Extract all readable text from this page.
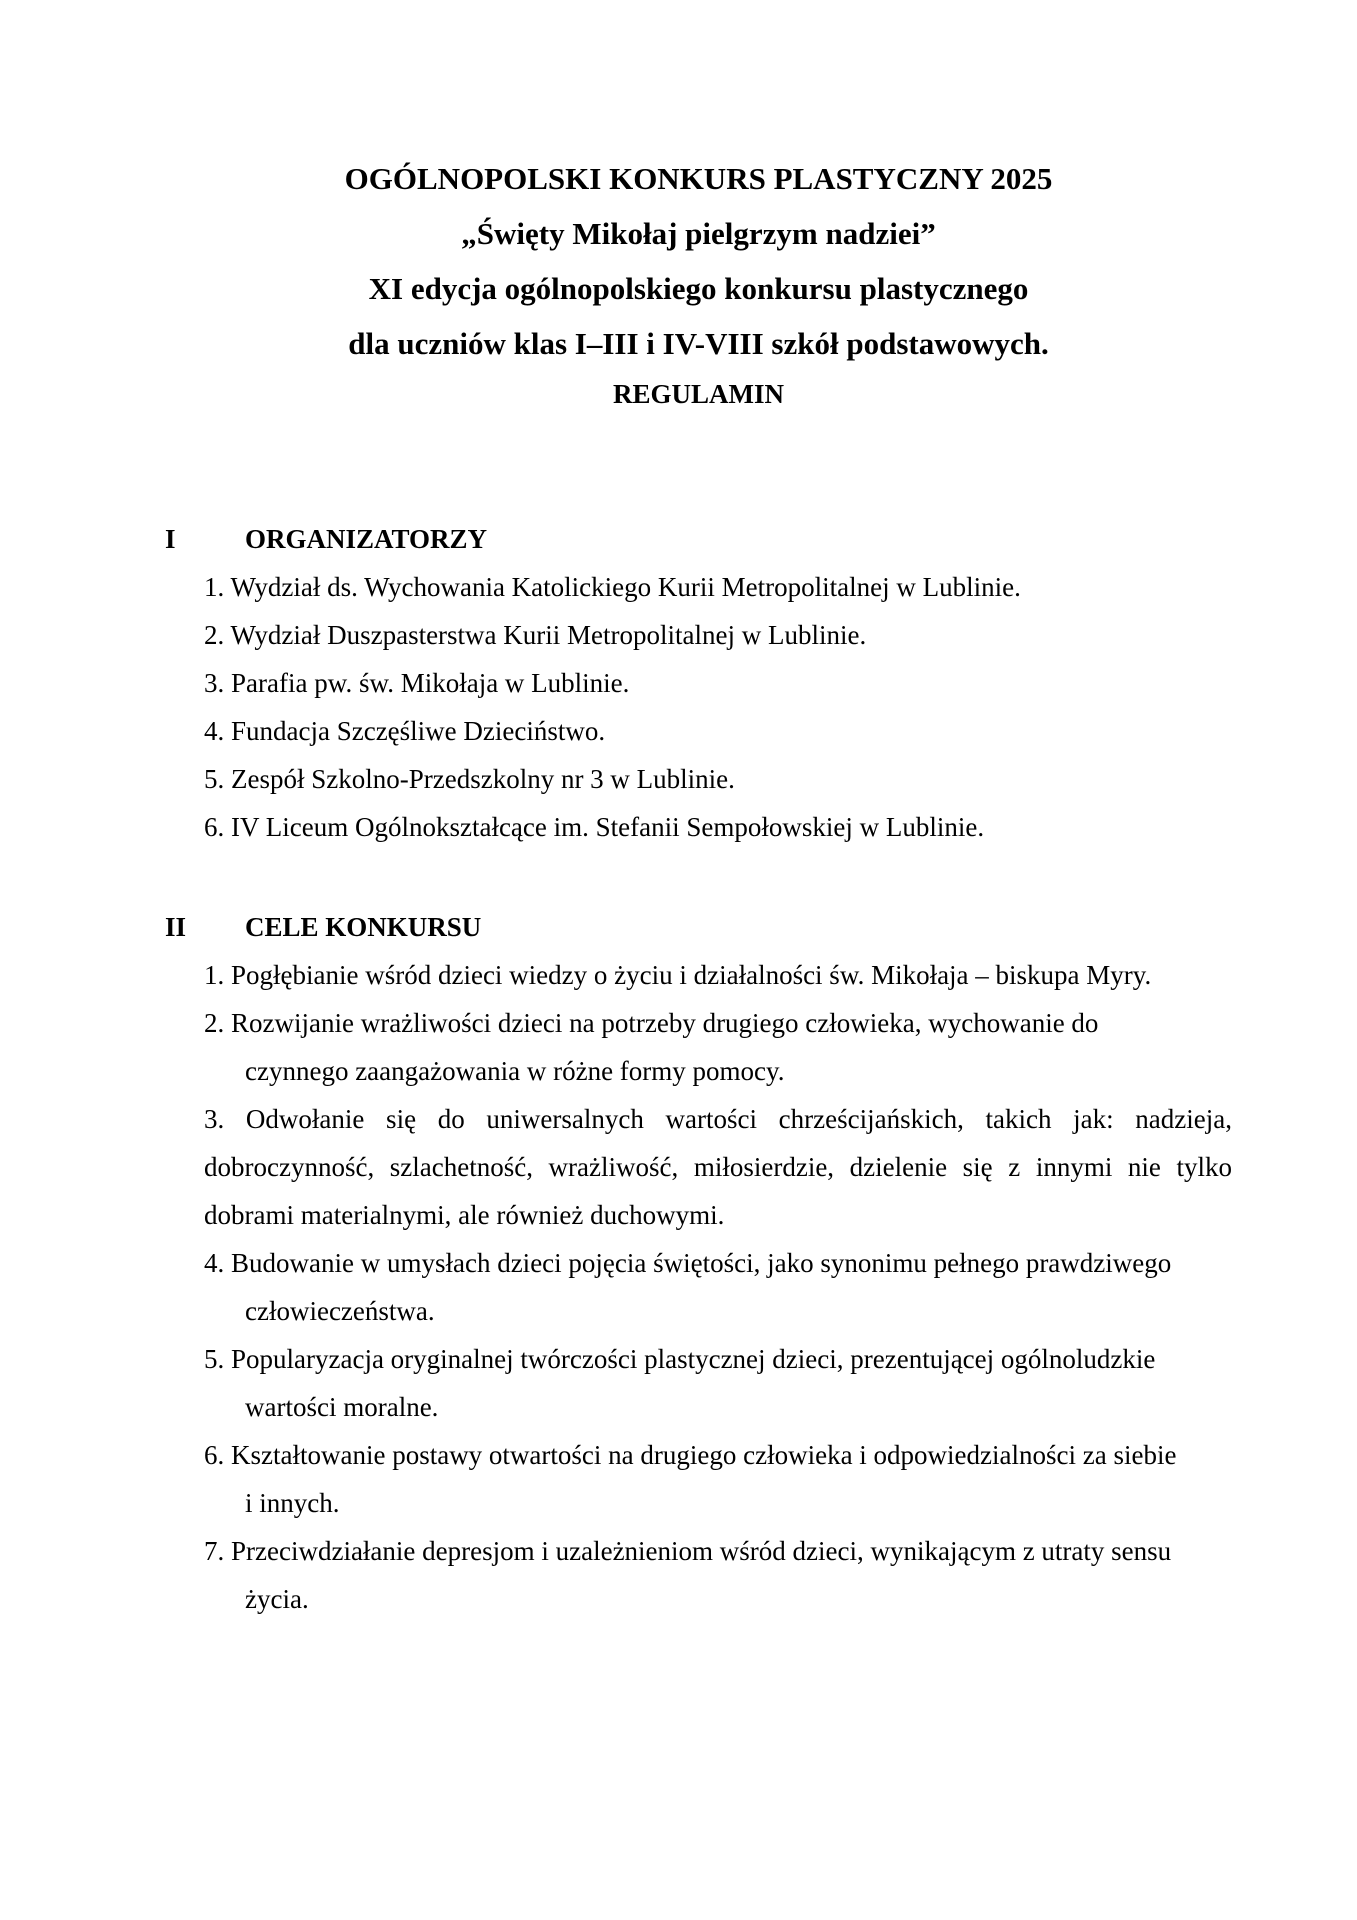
OGÓLNOPOLSKI KONKURS PLASTYCZNY 2025
„Święty Mikołaj pielgrzym nadziei”
XI edycja ogólnopolskiego konkursu plastycznego
dla uczniów klas I–III i IV-VIII szkół podstawowych.
REGULAMIN
I	ORGANIZATORZY
1. Wydział ds. Wychowania Katolickiego Kurii Metropolitalnej w Lublinie.
2. Wydział Duszpasterstwa Kurii Metropolitalnej w Lublinie.
3. Parafia pw. św. Mikołaja w Lublinie.
4. Fundacja Szczęśliwe Dzieciństwo.
5. Zespół Szkolno-Przedszkolny nr 3 w Lublinie.
6. IV Liceum Ogólnokształcące im. Stefanii Sempołowskiej w Lublinie.
II CELE KONKURSU
1. Pogłębianie wśród dzieci wiedzy o życiu i działalności św. Mikołaja – biskupa Myry.
2. Rozwijanie wrażliwości dzieci na potrzeby drugiego człowieka, wychowanie do
czynnego zaangażowania w różne formy pomocy.
3. Odwołanie się do uniwersalnych wartości chrześcijańskich, takich jak: nadzieja,
dobroczynność, szlachetność, wrażliwość, miłosierdzie, dzielenie się z innymi nie tylko
dobrami materialnymi, ale również duchowymi.
4. Budowanie w umysłach dzieci pojęcia świętości, jako synonimu pełnego prawdziwego
człowieczeństwa.
5. Popularyzacja oryginalnej twórczości plastycznej dzieci, prezentującej ogólnoludzkie
wartości moralne.
6. Kształtowanie postawy otwartości na drugiego człowieka i odpowiedzialności za siebie
i innych.
7. Przeciwdziałanie depresjom i uzależnieniom wśród dzieci, wynikającym z utraty sensu
życia.
